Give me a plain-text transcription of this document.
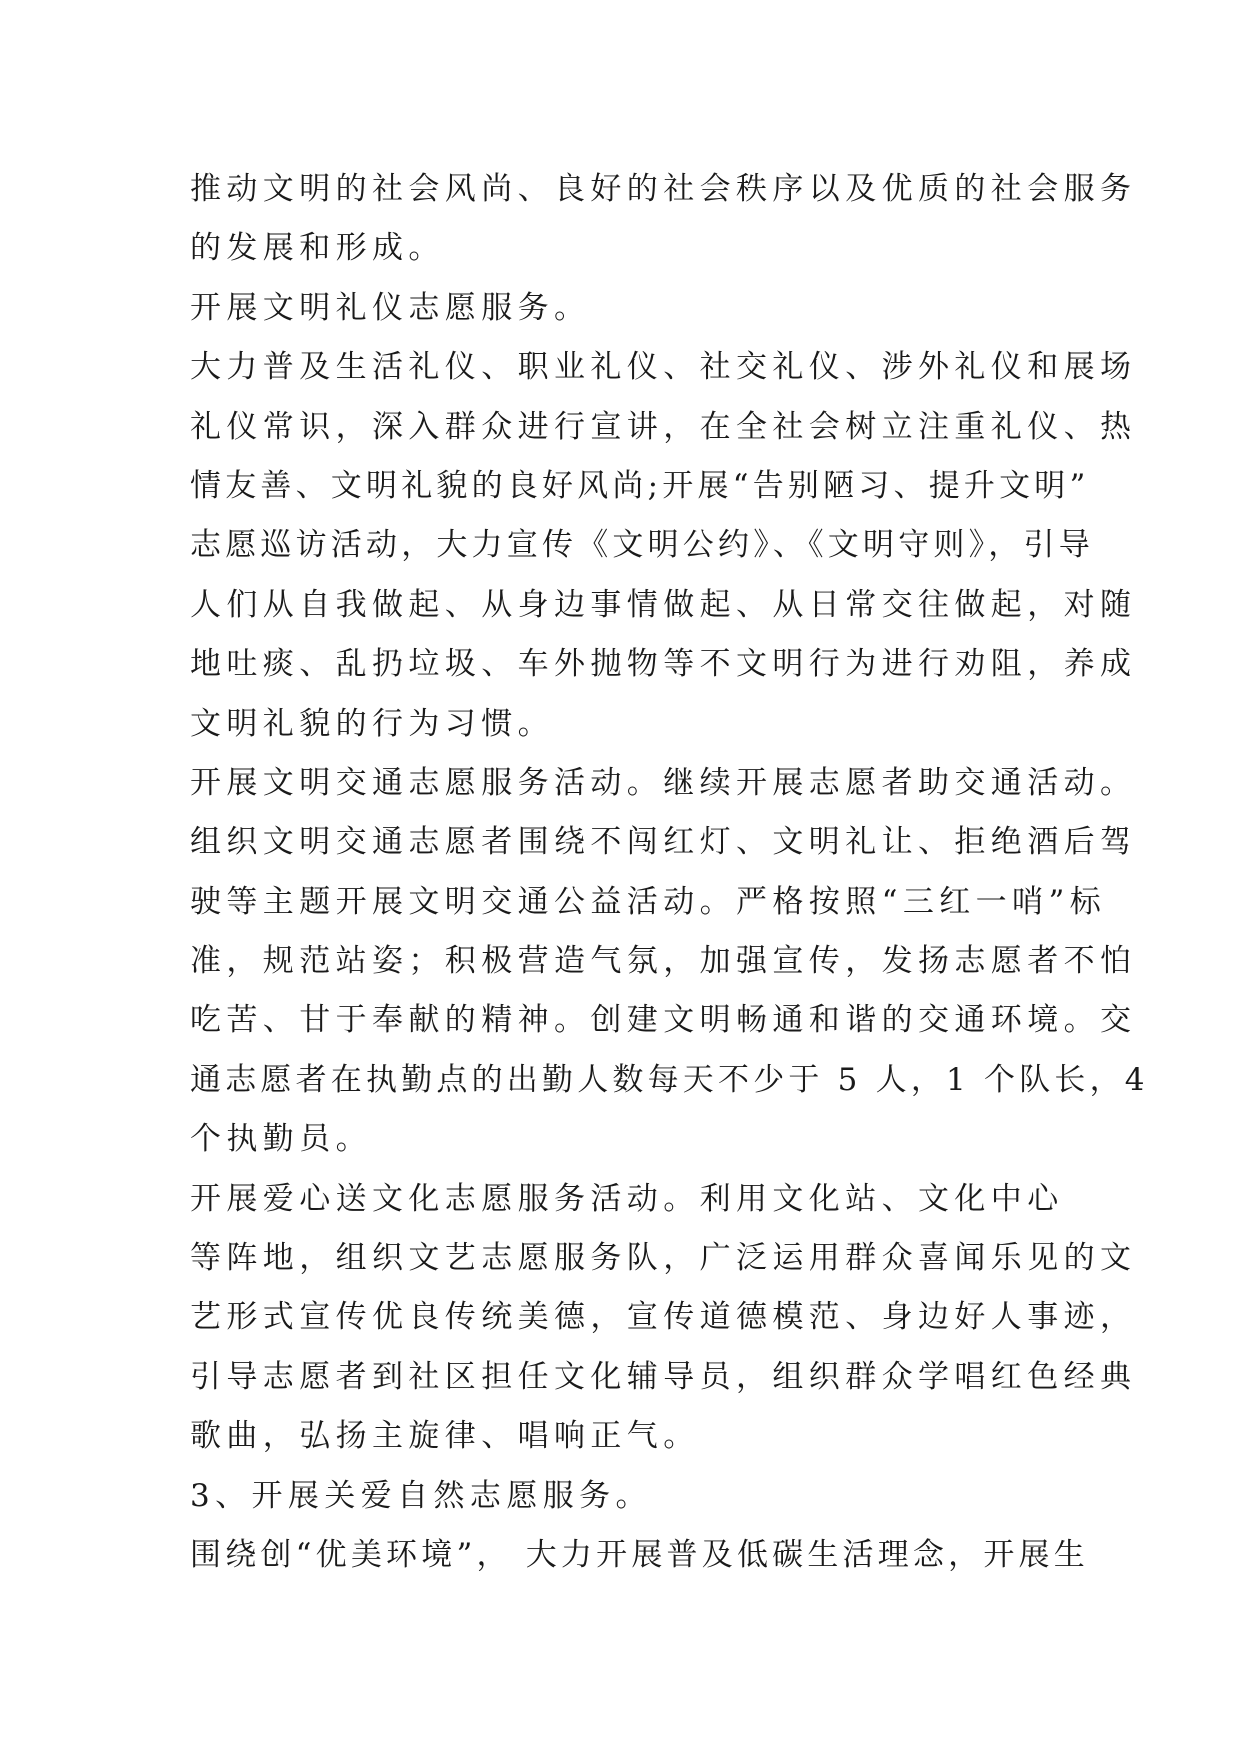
推动文明的社会风尚、良好的社会秩序以及优质的社会服务
的发展和形成。
开展文明礼仪志愿服务。
大力普及生活礼仪、职业礼仪、社交礼仪、涉外礼仪和展场
礼仪常识，深入群众进行宣讲，在全社会树立注重礼仪、热
情友善、文明礼貌的良好风尚;开展“告别陋习、提升文明”
志愿巡访活动，大力宣传《文明公约》、《文明守则》，引导
人们从自我做起、从身边事情做起、从日常交往做起，对随
地吐痰、乱扔垃圾、车外抛物等不文明行为进行劝阻，养成
文明礼貌的行为习惯。
开展文明交通志愿服务活动。继续开展志愿者助交通活动。
组织文明交通志愿者围绕不闯红灯、文明礼让、拒绝酒后驾
驶等主题开展文明交通公益活动。严格按照“三红一哨”标
准，规范站姿；积极营造气氛，加强宣传，发扬志愿者不怕
吃苦、甘于奉献的精神。创建文明畅通和谐的交通环境。交
通志愿者在执勤点的出勤人数每天不少于 5 人，1 个队长，4
个执勤员。
开展爱心送文化志愿服务活动。利用文化站、文化中心
等阵地，组织文艺志愿服务队，广泛运用群众喜闻乐见的文
艺形式宣传优良传统美德，宣传道德模范、身边好人事迹，
引导志愿者到社区担任文化辅导员，组织群众学唱红色经典
歌曲，弘扬主旋律、唱响正气。
3、开展关爱自然志愿服务。
围绕创“优美环境”， 大力开展普及低碳生活理念，开展生
